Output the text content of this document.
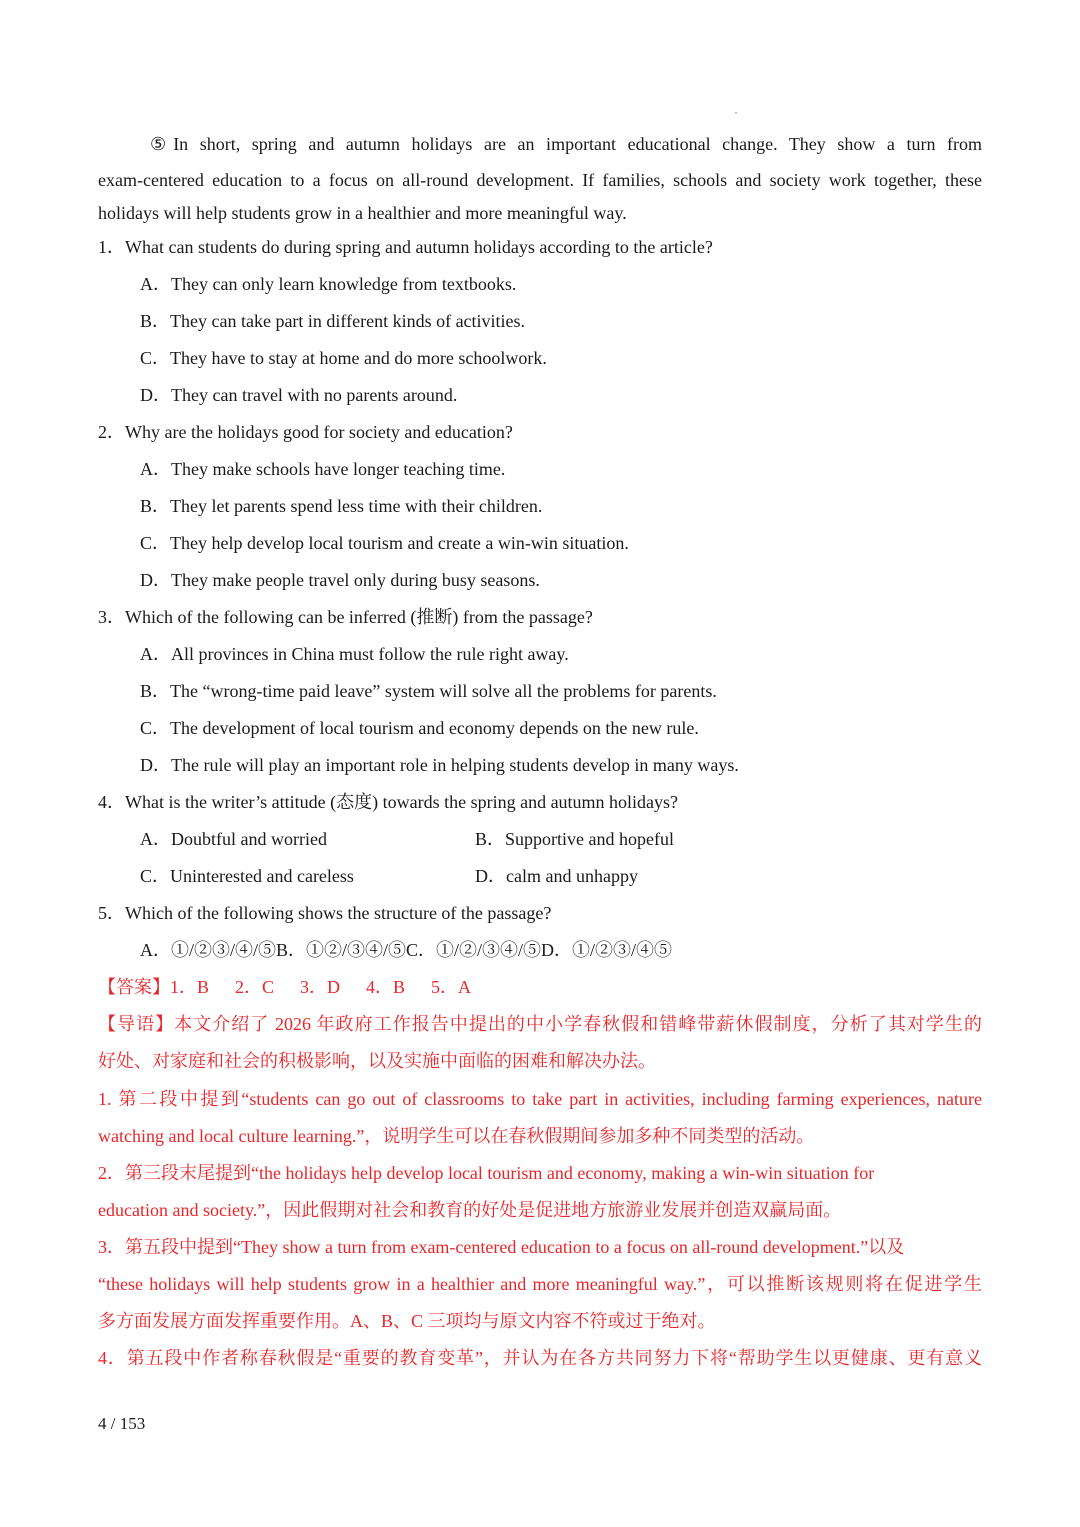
⑤In short, spring and autumn holidays are an important educational change. They show a turn from
exam-centered education to a focus on all-round development. If families, schools and society work together, these
holidays will help students grow in a healthier and more meaningful way.
1．What can students do during spring and autumn holidays according to the article?
A．They can only learn knowledge from textbooks.
B．They can take part in different kinds of activities.
C．They have to stay at home and do more schoolwork.
D．They can travel with no parents around.
2．Why are the holidays good for society and education?
A．They make schools have longer teaching time.
B．They let parents spend less time with their children.
C．They help develop local tourism and create a win-win situation.
D．They make people travel only during busy seasons.
3．Which of the following can be inferred (推断) from the passage?
A．All provinces in China must follow the rule right away.
B．The “wrong-time paid leave” system will solve all the problems for parents.
C．The development of local tourism and economy depends on the new rule.
D．The rule will play an important role in helping students develop in many ways.
4．What is the writer’s attitude (态度) towards the spring and autumn holidays?
A．Doubtful and worried	B．Supportive and hopeful
C．Uninterested and careless	D．calm and unhappy
5．Which of the following shows the structure of the passage?
A．①/②③/④/⑤B．①②/③④/⑤C．①/②/③④/⑤D．①/②③/④⑤
【答案】1．B 2．C 3．D 4．B 5．A
【导语】本文介绍了 2026 年政府工作报告中提出的中小学春秋假和错峰带薪休假制度，分析了其对学生的
好处、对家庭和社会的积极影响，以及实施中面临的困难和解决办法。
1. 第二段中提到“students can go out of classrooms to take part in activities, including farming experiences, nature
watching and local culture learning.”，说明学生可以在春秋假期间参加多种不同类型的活动。
2．第三段末尾提到“the holidays help develop local tourism and economy, making a win-win situation for
education and society.”，因此假期对社会和教育的好处是促进地方旅游业发展并创造双赢局面。
3．第五段中提到“They show a turn from exam-centered education to a focus on all-round development.”以及
“these holidays will help students grow in a healthier and more meaningful way.”，可以推断该规则将在促进学生
多方面发展方面发挥重要作用。A、B、C 三项均与原文内容不符或过于绝对。
4．第五段中作者称春秋假是“重要的教育变革”，并认为在各方共同努力下将“帮助学生以更健康、更有意义
4 / 153
